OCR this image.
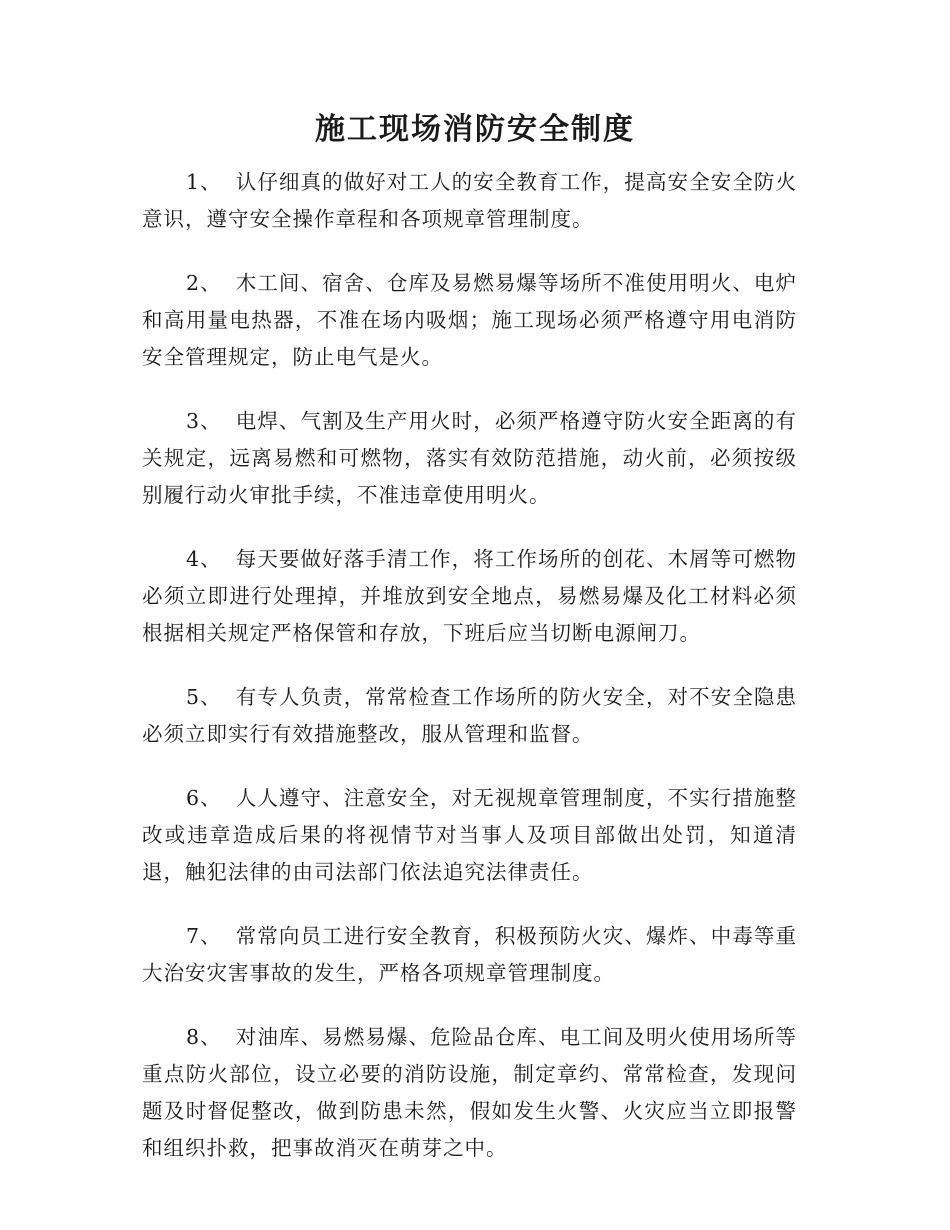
施工现场消防安全制度

1、 认仔细真的做好对工人的安全教育工作，提高安全安全防火意识，遵守安全操作章程和各项规章管理制度。

2、 木工间、宿舍、仓库及易燃易爆等场所不准使用明火、电炉和高用量电热器，不准在场内吸烟；施工现场必须严格遵守用电消防安全管理规定，防止电气是火。

3、 电焊、气割及生产用火时，必须严格遵守防火安全距离的有关规定，远离易燃和可燃物，落实有效防范措施，动火前，必须按级别履行动火审批手续，不准违章使用明火。

4、 每天要做好落手清工作，将工作场所的创花、木屑等可燃物必须立即进行处理掉，并堆放到安全地点，易燃易爆及化工材料必须根据相关规定严格保管和存放，下班后应当切断电源闸刀。

5、 有专人负责，常常检查工作场所的防火安全，对不安全隐患必须立即实行有效措施整改，服从管理和监督。

6、 人人遵守、注意安全，对无视规章管理制度，不实行措施整改或违章造成后果的将视情节对当事人及项目部做出处罚，知道清退，触犯法律的由司法部门依法追究法律责任。

7、 常常向员工进行安全教育，积极预防火灾、爆炸、中毒等重大治安灾害事故的发生，严格各项规章管理制度。

8、 对油库、易燃易爆、危险品仓库、电工间及明火使用场所等重点防火部位，设立必要的消防设施，制定章约、常常检查，发现问题及时督促整改，做到防患未然，假如发生火警、火灾应当立即报警和组织扑救，把事故消灭在萌芽之中。
